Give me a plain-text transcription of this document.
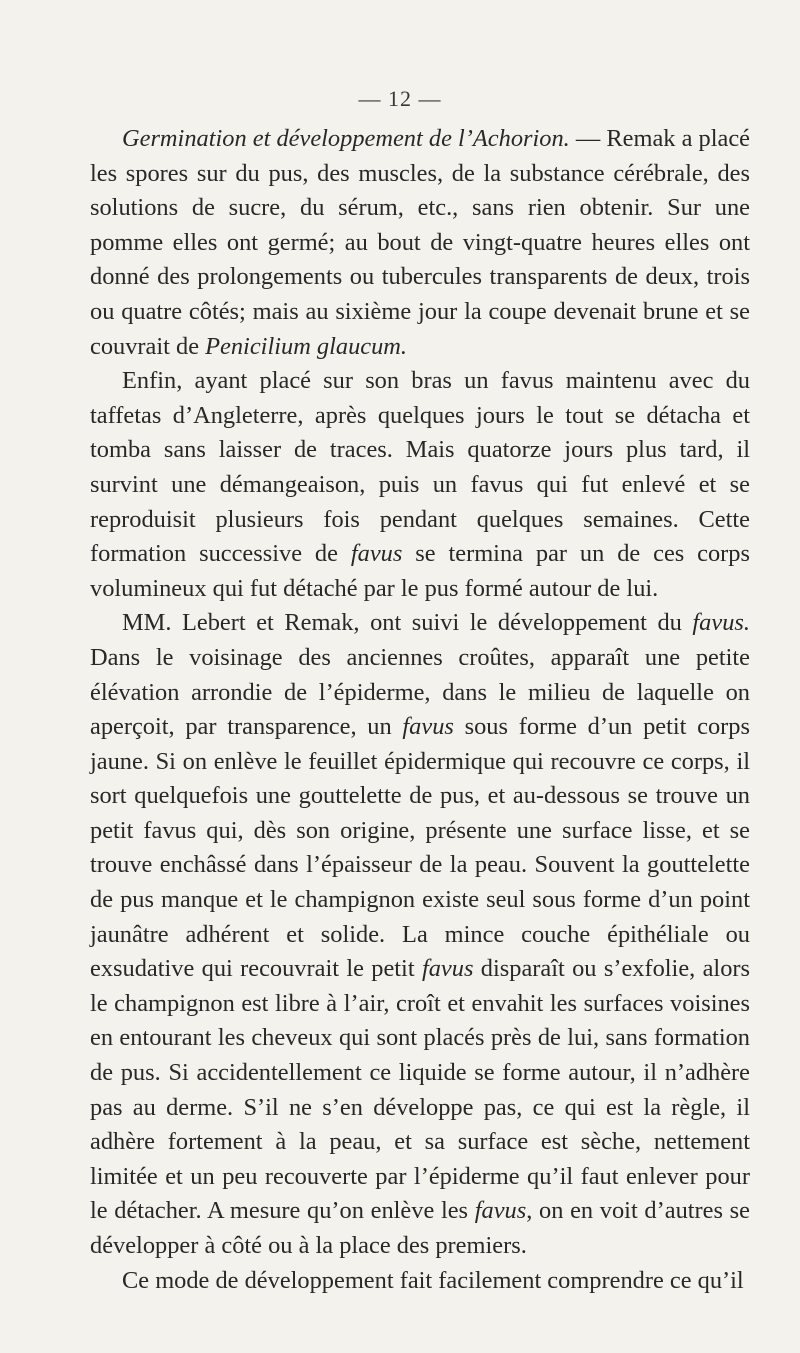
— 12 —

Germination et développement de l’Achorion. — Remak a placé les spores sur du pus, des muscles, de la substance cérébrale, des solutions de sucre, du sérum, etc., sans rien obtenir. Sur une pomme elles ont germé; au bout de vingt-quatre heures elles ont donné des prolongements ou tubercules transparents de deux, trois ou quatre côtés; mais au sixième jour la coupe devenait brune et se couvrait de Penicilium glaucum.

Enfin, ayant placé sur son bras un favus maintenu avec du taffetas d’Angleterre, après quelques jours le tout se détacha et tomba sans laisser de traces. Mais quatorze jours plus tard, il survint une démangeaison, puis un favus qui fut enlevé et se reproduisit plusieurs fois pendant quelques semaines. Cette formation successive de favus se termina par un de ces corps volumineux qui fut détaché par le pus formé autour de lui.

MM. Lebert et Remak, ont suivi le développement du favus. Dans le voisinage des anciennes croûtes, apparaît une petite élévation arrondie de l’épiderme, dans le milieu de laquelle on aperçoit, par transparence, un favus sous forme d’un petit corps jaune. Si on enlève le feuillet épidermique qui recouvre ce corps, il sort quelquefois une gouttelette de pus, et au-dessous se trouve un petit favus qui, dès son origine, présente une surface lisse, et se trouve enchâssé dans l’épaisseur de la peau. Souvent la gouttelette de pus manque et le champignon existe seul sous forme d’un point jaunâtre adhérent et solide. La mince couche épithéliale ou exsudative qui recouvrait le petit favus disparaît ou s’exfolie, alors le champignon est libre à l’air, croît et envahit les surfaces voisines en entourant les cheveux qui sont placés près de lui, sans formation de pus. Si accidentellement ce liquide se forme autour, il n’adhère pas au derme. S’il ne s’en développe pas, ce qui est la règle, il adhère fortement à la peau, et sa surface est sèche, nettement limitée et un peu recouverte par l’épiderme qu’il faut enlever pour le détacher. A mesure qu’on enlève les favus, on en voit d’autres se développer à côté ou à la place des premiers.

Ce mode de développement fait facilement comprendre ce qu’il
